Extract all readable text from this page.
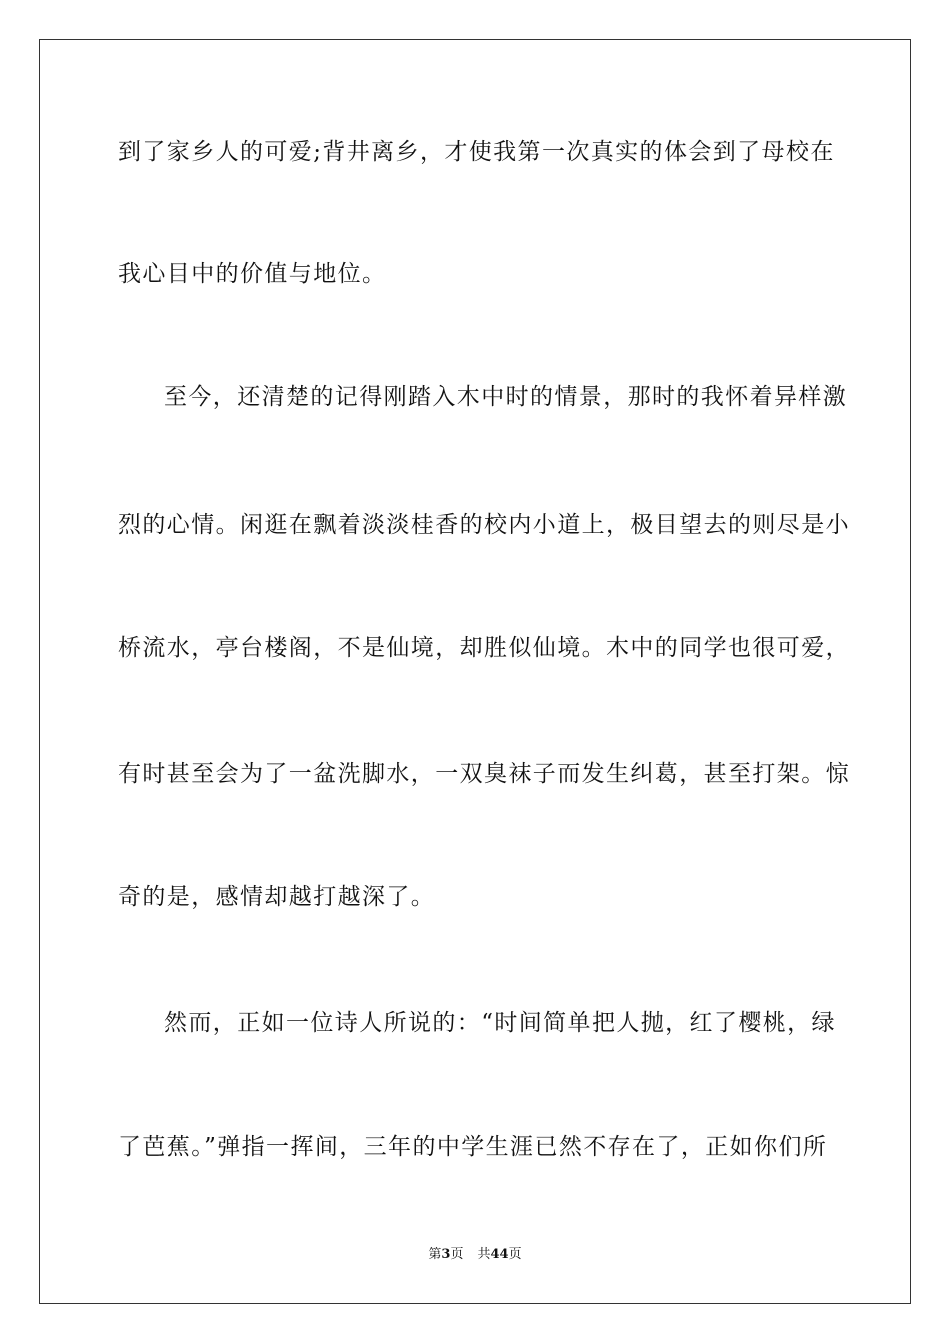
到了家乡人的可爱;背井离乡，才使我第一次真实的体会到了母校在
我心目中的价值与地位。
至今，还清楚的记得刚踏入木中时的情景，那时的我怀着异样激
烈的心情。闲逛在飘着淡淡桂香的校内小道上，极目望去的则尽是小
桥流水，亭台楼阁，不是仙境，却胜似仙境。木中的同学也很可爱，
有时甚至会为了一盆洗脚水，一双臭袜子而发生纠葛，甚至打架。惊
奇的是，感情却越打越深了。
然而，正如一位诗人所说的：“时间简单把人抛，红了樱桃，绿
了芭蕉。”弹指一挥间，三年的中学生涯已然不存在了，正如你们所
第3页 共44页
